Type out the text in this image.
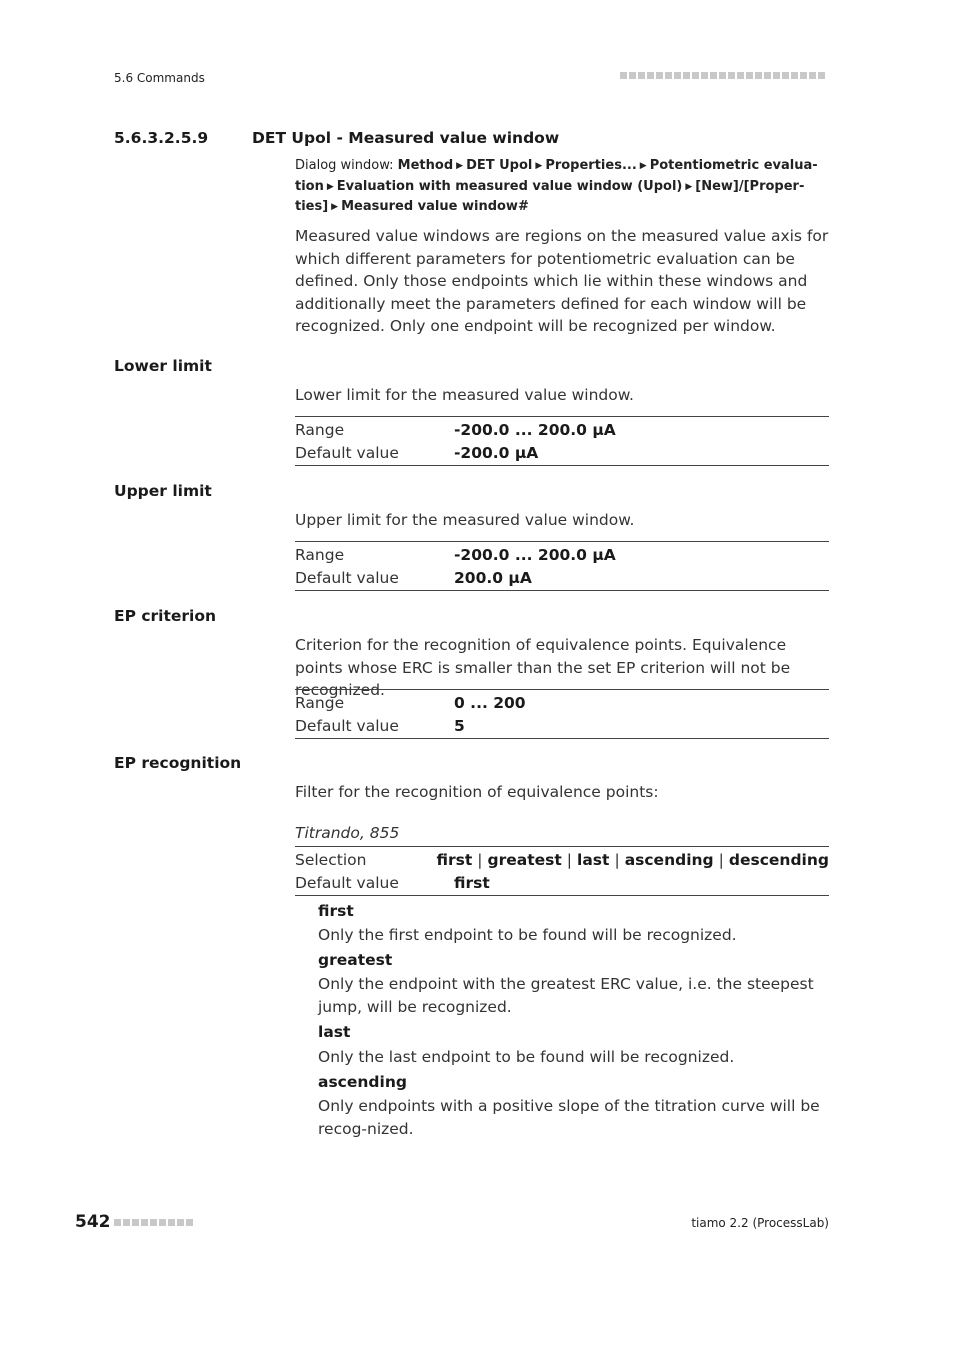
5.6 Commands
5.6.3.2.5.9	DET Upol - Measured value window
Dialog window: Method ▶ DET Upol ▶ Properties... ▶ Potentiometric evalua-
tion ▶ Evaluation with measured value window (Upol) ▶ [New]/[Proper-
ties] ▶ Measured value window#
Measured value windows are regions on the measured value axis for which different parameters for potentiometric evaluation can be defined. Only those endpoints which lie within these windows and additionally meet the parameters defined for each window will be recognized. Only one endpoint will be recognized per window.
Lower limit
Lower limit for the measured value window.
Range	-200.0 ... 200.0 µA
Default value	-200.0 µA
Upper limit
Upper limit for the measured value window.
Range	-200.0 ... 200.0 µA
Default value	200.0 µA
EP criterion
Criterion for the recognition of equivalence points. Equivalence points whose ERC is smaller than the set EP criterion will not be recognized.
Range	0 ... 200
Default value	5
EP recognition
Filter for the recognition of equivalence points:
Titrando, 855
Selection	first | greatest | last | ascending | descending
Default value	first
first
Only the first endpoint to be found will be recognized.
greatest
Only the endpoint with the greatest ERC value, i.e. the steepest jump, will be recognized.
last
Only the last endpoint to be found will be recognized.
ascending
Only endpoints with a positive slope of the titration curve will be recog-nized.
542	tiamo 2.2 (ProcessLab)
